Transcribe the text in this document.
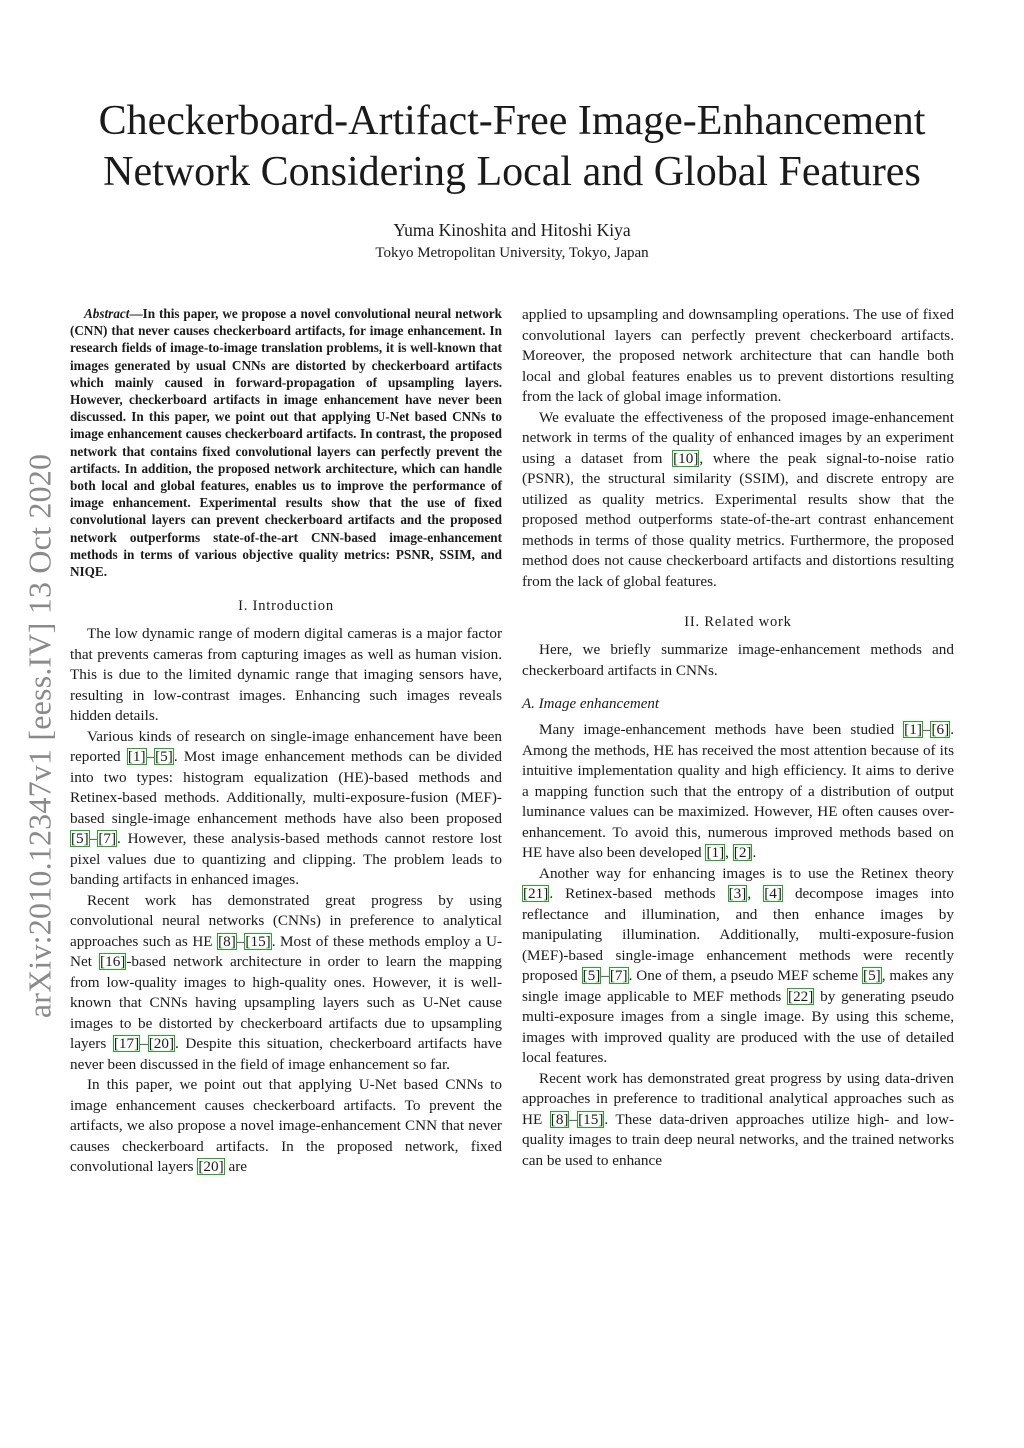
arXiv:2010.12347v1 [eess.IV] 13 Oct 2020
Checkerboard-Artifact-Free Image-Enhancement
Network Considering Local and Global Features
Yuma Kinoshita and Hitoshi Kiya
Tokyo Metropolitan University, Tokyo, Japan

Abstract—In this paper, we propose a novel convolutional neural network (CNN) that never causes checkerboard artifacts, for image enhancement. In research fields of image-to-image translation problems, it is well-known that images generated by usual CNNs are distorted by checkerboard artifacts which mainly caused in forward-propagation of upsampling layers. However, checkerboard artifacts in image enhancement have never been discussed. In this paper, we point out that applying U-Net based CNNs to image enhancement causes checkerboard artifacts. In contrast, the proposed network that contains fixed convolutional layers can perfectly prevent the artifacts. In addition, the proposed network architecture, which can handle both local and global features, enables us to improve the performance of image enhancement. Experimental results show that the use of fixed convolutional layers can prevent checkerboard artifacts and the proposed network outperforms state-of-the-art CNN-based image-enhancement methods in terms of various objective quality metrics: PSNR, SSIM, and NIQE.

I. Introduction

The low dynamic range of modern digital cameras is a major factor that prevents cameras from capturing images as well as human vision. This is due to the limited dynamic range that imaging sensors have, resulting in low-contrast images. Enhancing such images reveals hidden details.

Various kinds of research on single-image enhancement have been reported [1]–[5]. Most image enhancement methods can be divided into two types: histogram equalization (HE)-based methods and Retinex-based methods. Additionally, multi-exposure-fusion (MEF)-based single-image enhancement methods have also been proposed [5]–[7]. However, these analysis-based methods cannot restore lost pixel values due to quantizing and clipping. The problem leads to banding artifacts in enhanced images.

Recent work has demonstrated great progress by using convolutional neural networks (CNNs) in preference to analytical approaches such as HE [8]–[15]. Most of these methods employ a U-Net [16]-based network architecture in order to learn the mapping from low-quality images to high-quality ones. However, it is well-known that CNNs having upsampling layers such as U-Net cause images to be distorted by checkerboard artifacts due to upsampling layers [17]–[20]. Despite this situation, checkerboard artifacts have never been discussed in the field of image enhancement so far.

In this paper, we point out that applying U-Net based CNNs to image enhancement causes checkerboard artifacts. To prevent the artifacts, we also propose a novel image-enhancement CNN that never causes checkerboard artifacts. In the proposed network, fixed convolutional layers [20] are

applied to upsampling and downsampling operations. The use of fixed convolutional layers can perfectly prevent checkerboard artifacts. Moreover, the proposed network architecture that can handle both local and global features enables us to prevent distortions resulting from the lack of global image information.

We evaluate the effectiveness of the proposed image-enhancement network in terms of the quality of enhanced images by an experiment using a dataset from [10], where the peak signal-to-noise ratio (PSNR), the structural similarity (SSIM), and discrete entropy are utilized as quality metrics. Experimental results show that the proposed method outperforms state-of-the-art contrast enhancement methods in terms of those quality metrics. Furthermore, the proposed method does not cause checkerboard artifacts and distortions resulting from the lack of global features.

II. Related work

Here, we briefly summarize image-enhancement methods and checkerboard artifacts in CNNs.

A. Image enhancement

Many image-enhancement methods have been studied [1]–[6]. Among the methods, HE has received the most attention because of its intuitive implementation quality and high efficiency. It aims to derive a mapping function such that the entropy of a distribution of output luminance values can be maximized. However, HE often causes over-enhancement. To avoid this, numerous improved methods based on HE have also been developed [1], [2].

Another way for enhancing images is to use the Retinex theory [21]. Retinex-based methods [3], [4] decompose images into reflectance and illumination, and then enhance images by manipulating illumination. Additionally, multi-exposure-fusion (MEF)-based single-image enhancement methods were recently proposed [5]–[7]. One of them, a pseudo MEF scheme [5], makes any single image applicable to MEF methods [22] by generating pseudo multi-exposure images from a single image. By using this scheme, images with improved quality are produced with the use of detailed local features.

Recent work has demonstrated great progress by using data-driven approaches in preference to traditional analytical approaches such as HE [8]–[15]. These data-driven approaches utilize high- and low-quality images to train deep neural networks, and the trained networks can be used to enhance
